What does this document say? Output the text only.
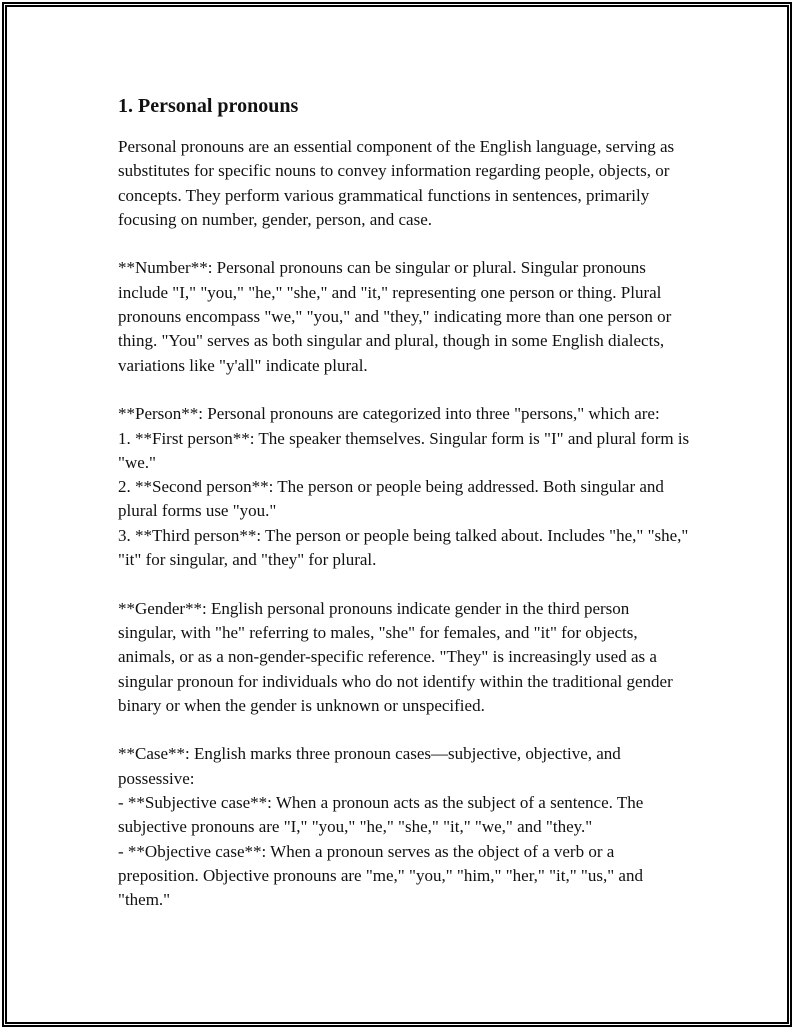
1. Personal pronouns

Personal pronouns are an essential component of the English language, serving as substitutes for specific nouns to convey information regarding people, objects, or concepts. They perform various grammatical functions in sentences, primarily focusing on number, gender, person, and case.

**Number**: Personal pronouns can be singular or plural. Singular pronouns include "I," "you," "he," "she," and "it," representing one person or thing. Plural pronouns encompass "we," "you," and "they," indicating more than one person or thing. "You" serves as both singular and plural, though in some English dialects, variations like "y'all" indicate plural.

**Person**: Personal pronouns are categorized into three "persons," which are:
1. **First person**: The speaker themselves. Singular form is "I" and plural form is "we."
2. **Second person**: The person or people being addressed. Both singular and plural forms use "you."
3. **Third person**: The person or people being talked about. Includes "he," "she," "it" for singular, and "they" for plural.

**Gender**: English personal pronouns indicate gender in the third person singular, with "he" referring to males, "she" for females, and "it" for objects, animals, or as a non-gender-specific reference. "They" is increasingly used as a singular pronoun for individuals who do not identify within the traditional gender binary or when the gender is unknown or unspecified.

**Case**: English marks three pronoun cases—subjective, objective, and possessive:
- **Subjective case**: When a pronoun acts as the subject of a sentence. The subjective pronouns are "I," "you," "he," "she," "it," "we," and "they."
- **Objective case**: When a pronoun serves as the object of a verb or a preposition. Objective pronouns are "me," "you," "him," "her," "it," "us," and "them."
